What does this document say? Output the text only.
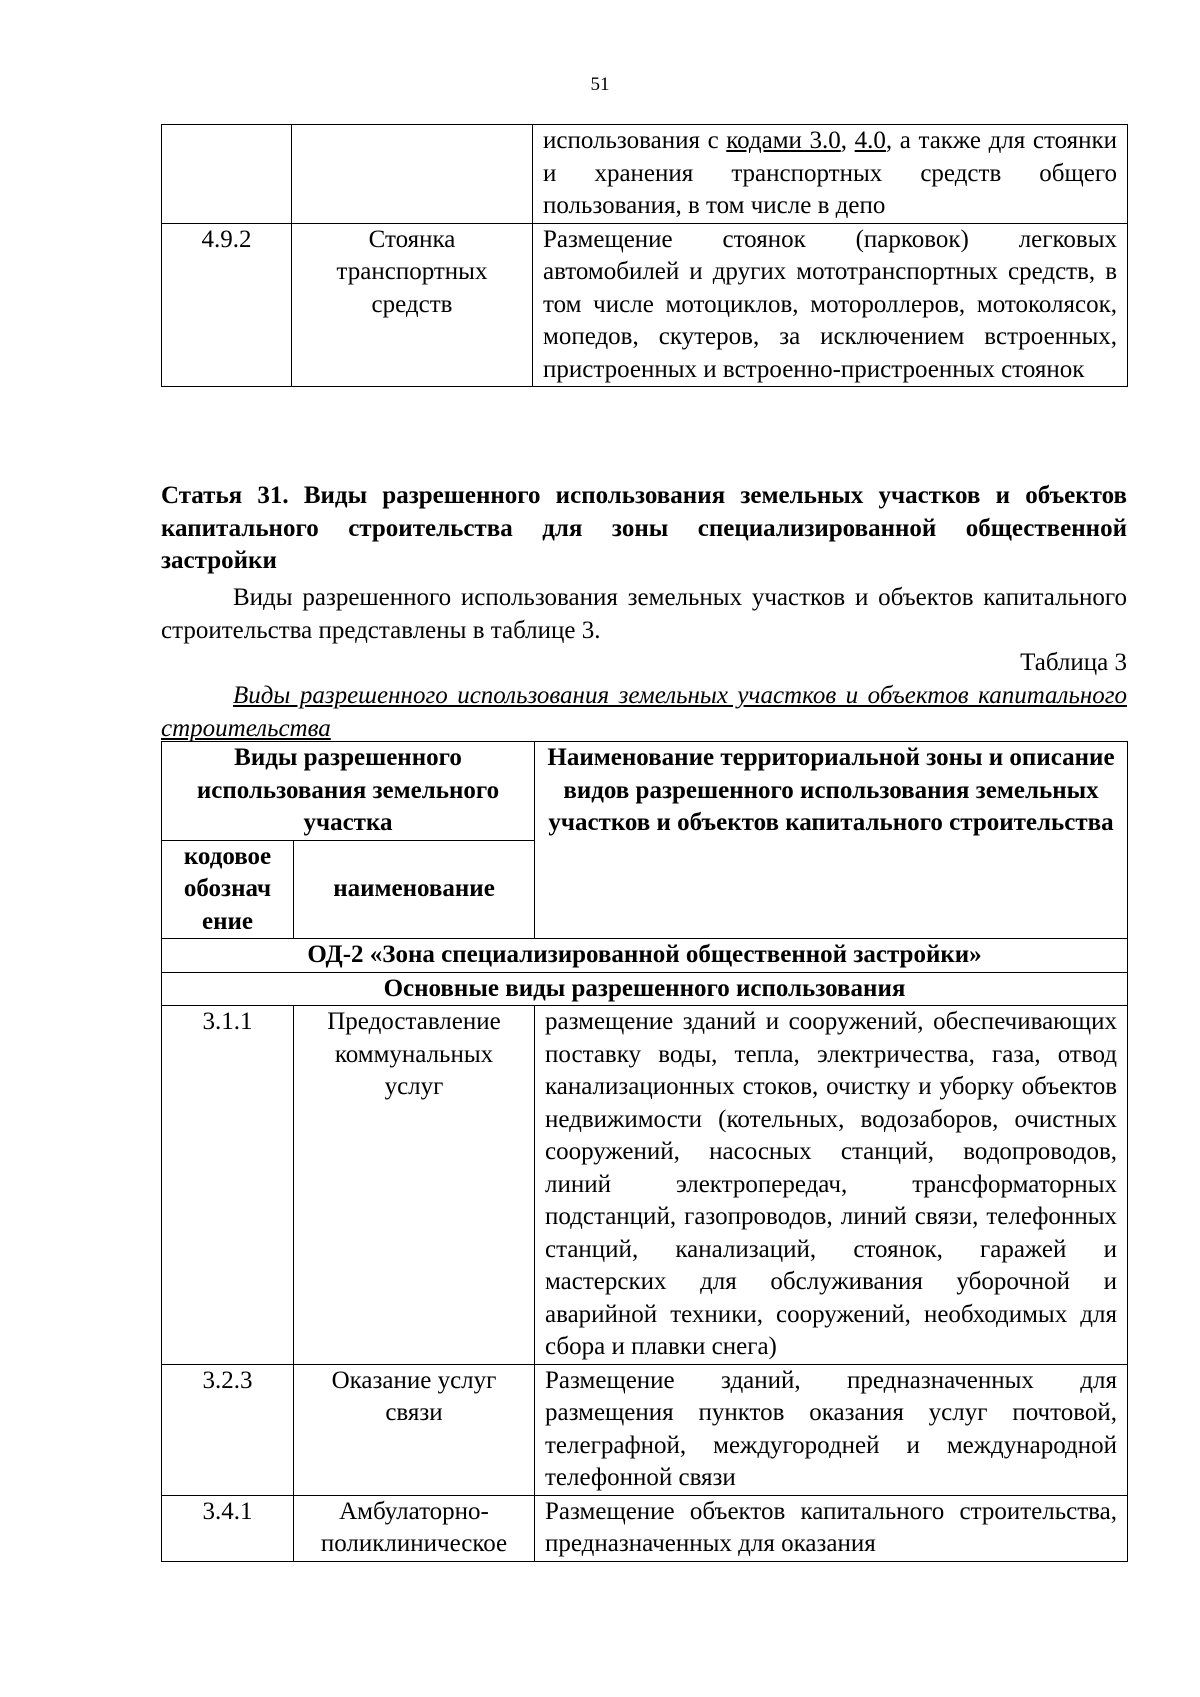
51
		использования с кодами 3.0, 4.0, а также для стоянки и хранения транспортных средств общего пользования, в том числе в депо
4.9.2	Стоянка транспортных средств	Размещение стоянок (парковок) легковых автомобилей и других мототранспортных средств, в том числе мотоциклов, мотороллеров, мотоколясок, мопедов, скутеров, за исключением встроенных, пристроенных и встроенно-пристроенных стоянок
Статья 31. Виды разрешенного использования земельных участков и объектов капитального строительства для зоны специализированной общественной застройки
Виды разрешенного использования земельных участков и объектов капитального строительства представлены в таблице 3.
Таблица 3
Виды разрешенного использования земельных участков и объектов капитального строительства
Виды разрешенного использования земельного участка		Наименование территориальной зоны и описание видов разрешенного использования земельных участков и объектов капитального строительства
кодовое обознач ение	наименование	
ОД-2 «Зона специализированной общественной застройки»		
Основные виды разрешенного использования		
3.1.1	Предоставление коммунальных услуг	размещение зданий и сооружений, обеспечивающих поставку воды, тепла, электричества, газа, отвод канализационных стоков, очистку и уборку объектов недвижимости (котельных, водозаборов, очистных сооружений, насосных станций, водопроводов, линий электропередач, трансформаторных подстанций, газопроводов, линий связи, телефонных станций, канализаций, стоянок, гаражей и мастерских для обслуживания уборочной и аварийной техники, сооружений, необходимых для сбора и плавки снега)
3.2.3	Оказание услуг связи	Размещение зданий, предназначенных для размещения пунктов оказания услуг почтовой, телеграфной, междугородней и международной телефонной связи
3.4.1	Амбулаторно-поликлиническое	Размещение объектов капитального строительства, предназначенных для оказания
